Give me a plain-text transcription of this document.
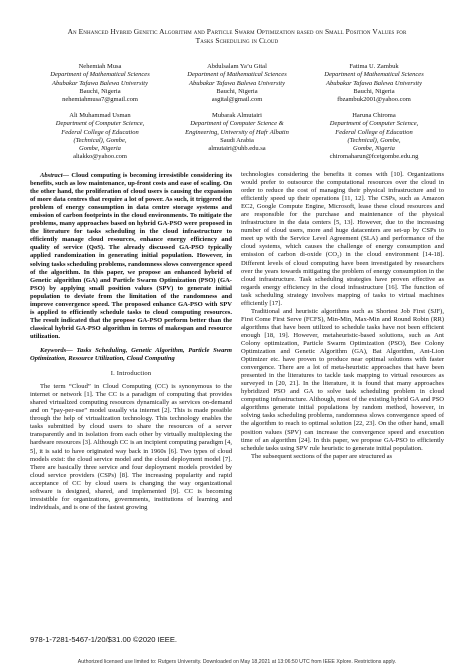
An Enhanced Hybrid Genetic Algorithm and Particle Swarm Optimization based on Small Position Values for
Tasks Scheduling in Cloud
Nehemiah Musa
Department of Mathematical Sciences
Abubakar Tafawa Balewa University
Bauchi, Nigeria
nehemiahmusa7@gmail.com
Abdulsalam Ya’u Gital
Department of Mathematical Sciences
Abubakar Tafawa Balewa University
Bauchi, Nigeria
asgital@gmail.com
Fatima U. Zambuk
Department of Mathematical Sciences
Abubakar Tafawa Balewa University
Bauchi, Nigeria
fbzambuk2001@yahoo.com
Ali Muhammad Usman
Department of Computer Science,
Federal College of Education
(Technical), Gombe,
Gombe, Nigeria
aliakko@yahoo.com
Mubarak Almutairi
Department of Computer Science &
Engineering, University of Hafr Albatin
Saudi Arabia
almutairi@uhb.edu.sa
Haruna Chiroma
Department of Computer Science,
Federal College of Education
(Technical), Gombe,
Gombe, Nigeria
chiromaharun@fcetgombe.edu.ng

Abstract— Cloud computing is becoming irresistible considering its benefits, such as low maintenance, up-front costs and ease of scaling. On the other hand, the proliferation of cloud users is causing the expansion of more data centres that require a lot of power. As such, it triggered the problem of energy consumption in data centre storage systems and emission of carbon footprints in the cloud environments. To mitigate the problems, many approaches based on hybrid GA-PSO were proposed in the literature for tasks scheduling in the cloud infrastructure to efficiently manage cloud resources, enhance energy efficiency and quality of service (QoS). The already discussed GA-PSO typically applied randomization in generating initial population. However, in solving tasks scheduling problems, randomness slows convergence speed of the algorithm. In this paper, we propose an enhanced hybrid of Genetic algorithm (GA) and Particle Swarm Optimization (PSO) (GA-PSO) by applying small position values (SPV) to generate initial population to deviate from the limitation of the randomness and improve convergence speed. The proposed enhance GA-PSO with SPV is applied to efficiently schedule tasks to cloud computing resources. The result indicated that the propose GA-PSO perform better than the classical hybrid GA-PSO algorithm in terms of makespan and resource utilization.

Keywords— Tasks Scheduling, Genetic Algorithm, Particle Swarm Optimization, Resource Utilization, Cloud Computing

I. Introduction

The term “Cloud” in Cloud Computing (CC) is synonymous to the internet or network [1]. The CC is a paradigm of computing that provides shared virtualized computing resources dynamically as services on-demand and on “pay-per-use” model usually via internet [2]. This is made possible through the help of virtualization technology. This technology enables the tasks submitted by cloud users to share the resources of a server transparently and in isolation from each other by virtually multiplexing the hardware resources [3]. Although CC is an incipient computing paradigm [4, 5], it is said to have originated way back in 1960s [6]. Two types of cloud models exist: the cloud service model and the cloud deployment model [7]. There are basically three service and four deployment models provided by cloud service providers (CSPs) [8]. The increasing popularity and rapid acceptance of CC by cloud users is changing the way organizational software is designed, shared, and implemented [9]. CC is becoming irresistible for organizations, governments, institutions of learning and individuals, and is one of the fastest growing

technologies considering the benefits it comes with [10]. Organizations would prefer to outsource the computational resources over the cloud in order to reduce the cost of managing their physical infrastructure and to efficiently speed up their operations [11, 12]. The CSPs, such as Amazon EC2, Google Compute Engine, Microsoft, lease these cloud resources and are responsible for the purchase and maintenance of the physical infrastructure in the data centers [5, 13]. However, due to the increasing number of cloud users, more and huge datacenters are set-up by CSPs to meet up with the Service Level Agreement (SLA) and performance of the cloud systems, which causes the challenge of energy consumption and emission of carbon di-oxide (CO₂) in the cloud environment [14-18]. Different levels of cloud computing have been investigated by researchers over the years towards mitigating the problem of energy consumption in the cloud infrastructure. Task scheduling strategies have proven effective as regards energy efficiency in the cloud infrastructure [16]. The function of task scheduling strategy involves mapping of tasks to virtual machines efficiently [17].

Traditional and heuristic algorithms such as Shortest Job First (SJF), First Come First Serve (FCFS), Min-Min, Max-Min and Round Robin (RR) algorithms that have been utilized to schedule tasks have not been efficient enough [18, 19]. However, metaheuristic-based solutions, such as Ant Colony optimization, Particle Swarm Optimization (PSO), Bee Colony Optimization and Genetic Algorithm (GA), Bat Algorithm, Ant-Lion Optimizer etc. have proven to produce near optimal solutions with faster convergence. There are a lot of meta-heuristic approaches that have been presented in the literatures to tackle task mapping to virtual resources as surveyed in [20, 21]. In the literature, it is found that many approaches hybridized PSO and GA to solve task scheduling problem in cloud computing infrastructure. Although, most of the existing hybrid GA and PSO algorithms generate initial populations by random method, however, in solving tasks scheduling problems, randomness slows convergence speed of the algorithm to reach to optimal solution [22, 23]. On the other hand, small position values (SPV) can increase the convergence speed and execution time of an algorithm [24]. In this paper, we propose GA-PSO to efficiently schedule tasks using SPV rule heuristic to generate initial population.

The subsequent sections of the paper are structured as

978-1-7281-5467-1/20/$31.00 ©2020 IEEE.
Authorized licensed use limited to: Rutgers University. Downloaded on May 18,2021 at 13:06:50 UTC from IEEE Xplore. Restrictions apply.
